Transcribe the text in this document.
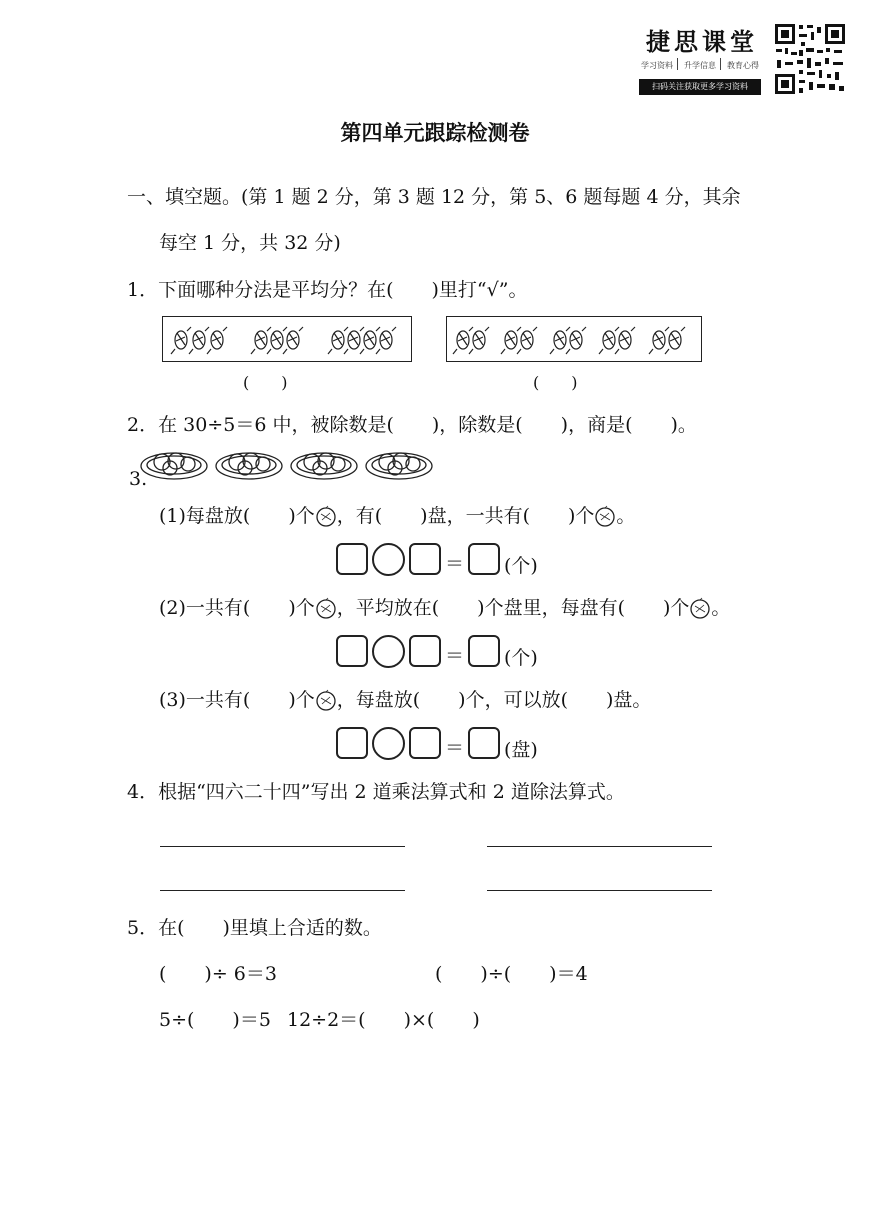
捷思课堂
学习资料 升学信息 教育心得
扫码关注获取更多学习资料
第四单元跟踪检测卷
一、填空题。(第 1 题 2 分，第 3 题 12 分，第 5、6 题每题 4 分，其余
每空 1 分，共 32 分)
1．下面哪种分法是平均分？在(　　)里打“√”。
(　　)	(　　)
2．在 30÷5＝6 中，被除数是(　　)，除数是(　　)，商是(　　)。
3.
(1)每盘放(　　)个 ，有(　　)盘，一共有(　　)个 。
＝ (个)
(2)一共有(　　)个 ，平均放在(　　)个盘里，每盘有(　　)个 。
＝ (个)
(3)一共有(　　)个 ，每盘放(　　)个，可以放(　　)盘。
＝ (盘)
4．根据“四六二十四”写出 2 道乘法算式和 2 道除法算式。
5．在(　　)里填上合适的数。
(　　)÷ 6＝3	(　　)÷(　　)＝4
5÷(　　)＝5 12÷2＝(　　)×(　　)
